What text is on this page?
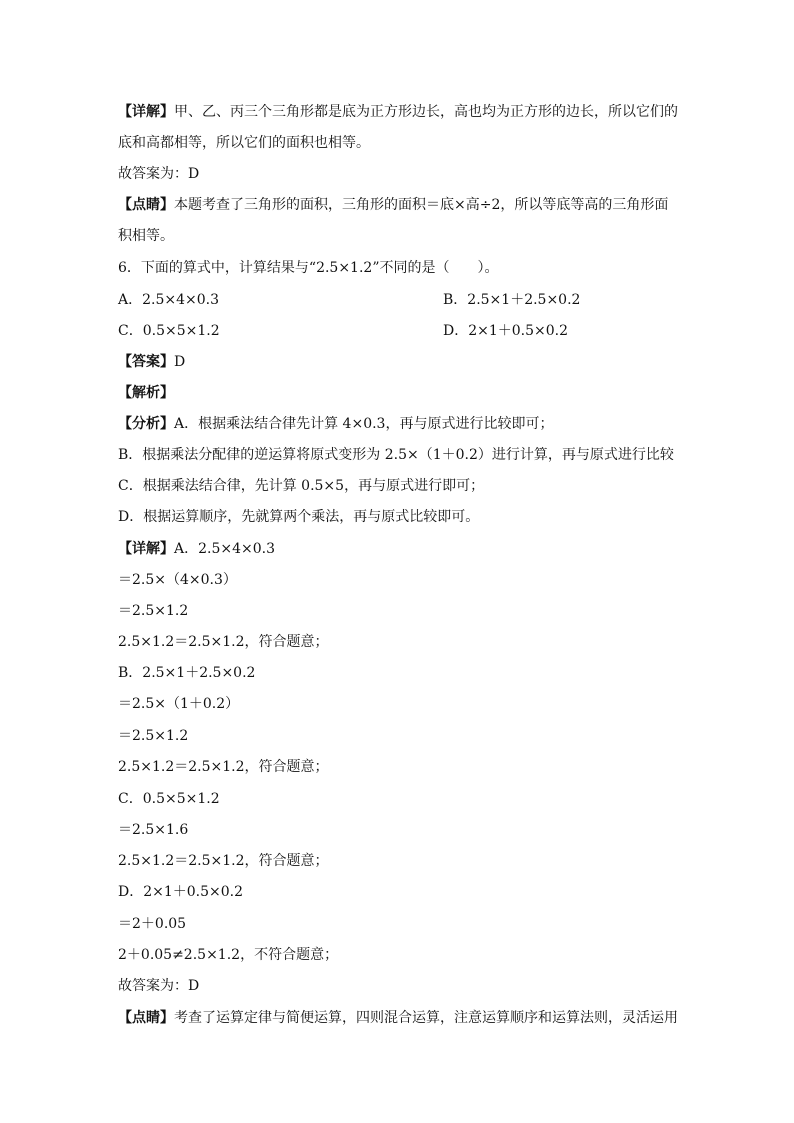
【详解】甲、乙、丙三个三角形都是底为正方形边长，高也均为正方形的边长，所以它们的
底和高都相等，所以它们的面积也相等。
故答案为：D
【点睛】本题考查了三角形的面积，三角形的面积＝底×高÷2，所以等底等高的三角形面
积相等。
6．下面的算式中，计算结果与“2.5×1.2”不同的是（　　）。
A．2.5×4×0.3	B．2.5×1＋2.5×0.2
C．0.5×5×1.2	D．2×1＋0.5×0.2
【答案】D
【解析】
【分析】A．根据乘法结合律先计算 4×0.3，再与原式进行比较即可；
B．根据乘法分配律的逆运算将原式变形为 2.5×（1＋0.2）进行计算，再与原式进行比较
C．根据乘法结合律，先计算 0.5×5，再与原式进行即可；
D．根据运算顺序，先就算两个乘法，再与原式比较即可。
【详解】A．2.5×4×0.3
＝2.5×（4×0.3）
＝2.5×1.2
2.5×1.2＝2.5×1.2，符合题意；
B．2.5×1＋2.5×0.2
＝2.5×（1＋0.2）
＝2.5×1.2
2.5×1.2＝2.5×1.2，符合题意；
C．0.5×5×1.2
＝2.5×1.6
2.5×1.2＝2.5×1.2，符合题意；
D．2×1＋0.5×0.2
＝2＋0.05
2＋0.05≠2.5×1.2，不符合题意；
故答案为：D
【点睛】考查了运算定律与简便运算，四则混合运算，注意运算顺序和运算法则，灵活运用
